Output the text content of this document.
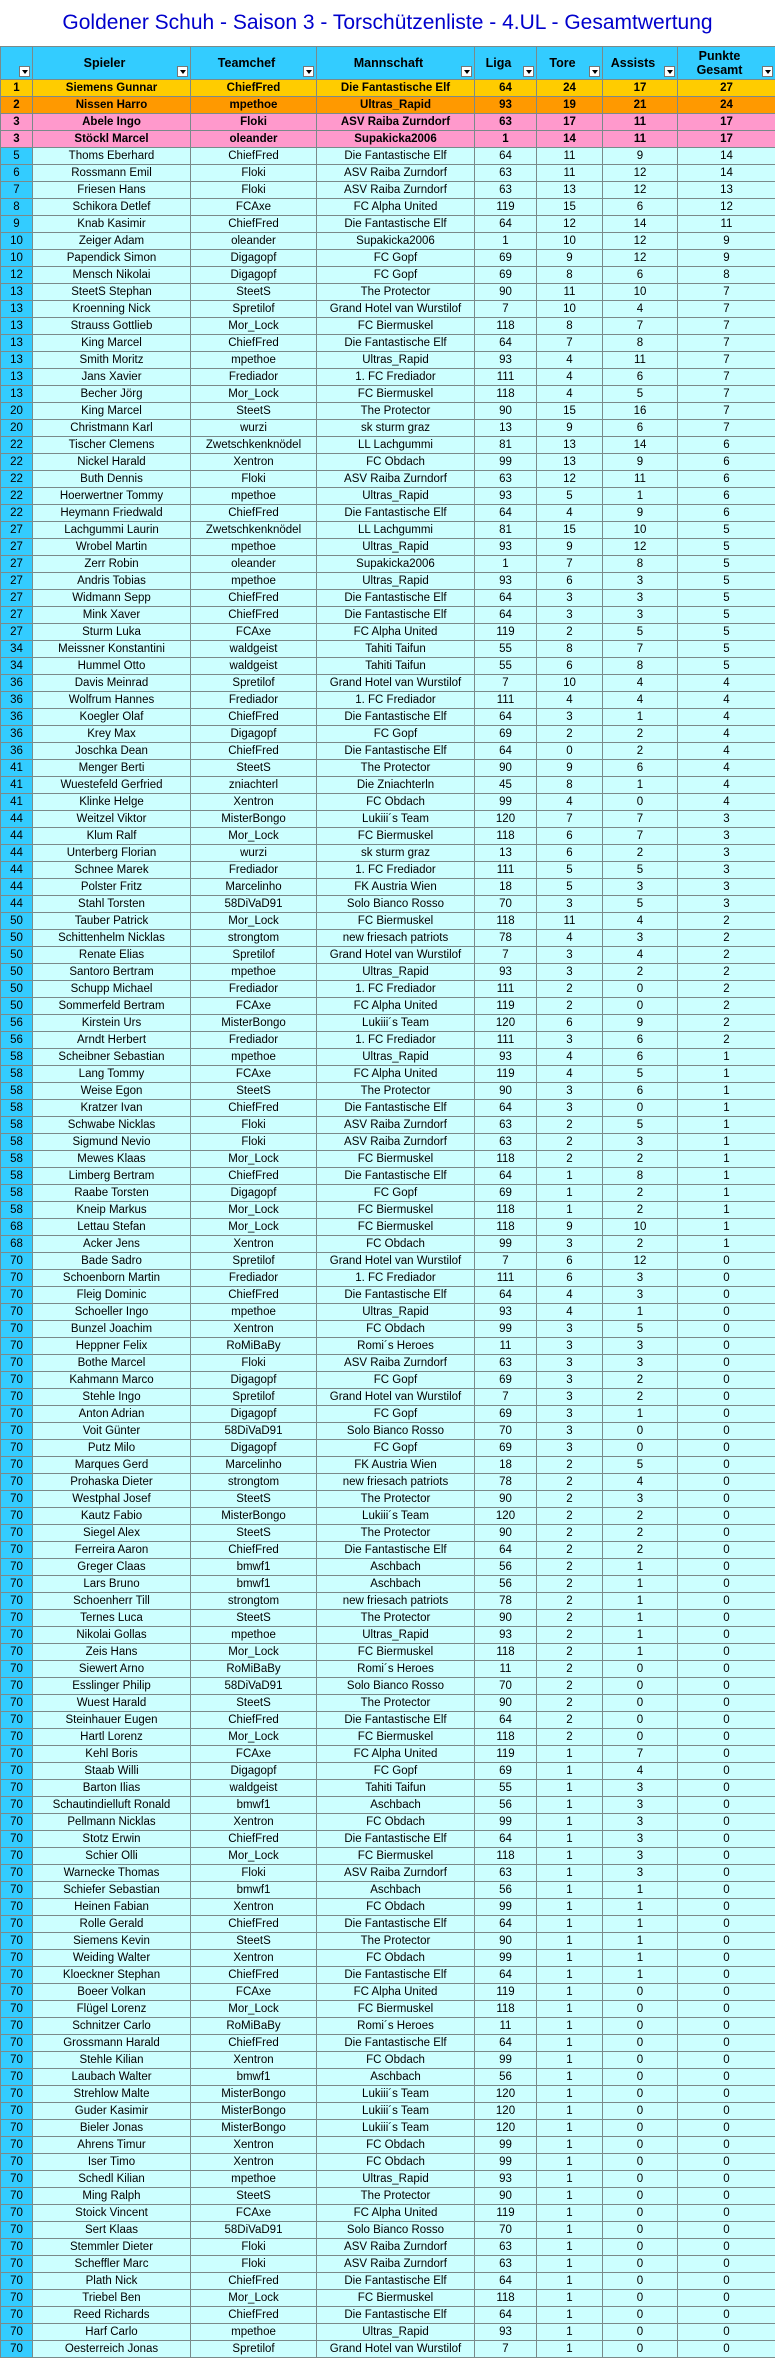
Goldener Schuh - Saison 3 - Torschützenliste - 4.UL - Gesamtwertung
	Spieler	Teamchef	Mannschaft	Liga	Tore	Assists	Punkte Gesamt

1	Siemens Gunnar	ChiefFred	Die Fantastische Elf	64	24	17	27
2	Nissen Harro	mpethoe	Ultras_Rapid	93	19	21	24
3	Abele Ingo	Floki	ASV Raiba Zurndorf	63	17	11	17
3	Stöckl Marcel	oleander	Supakicka2006	1	14	11	17
5	Thoms Eberhard	ChiefFred	Die Fantastische Elf	64	11	9	14
6	Rossmann Emil	Floki	ASV Raiba Zurndorf	63	11	12	14
7	Friesen Hans	Floki	ASV Raiba Zurndorf	63	13	12	13
8	Schikora Detlef	FCAxe	FC Alpha United	119	15	6	12
9	Knab Kasimir	ChiefFred	Die Fantastische Elf	64	12	14	11
10	Zeiger Adam	oleander	Supakicka2006	1	10	12	9
10	Papendick Simon	Digagopf	FC Gopf	69	9	12	9
12	Mensch Nikolai	Digagopf	FC Gopf	69	8	6	8
13	SteetS Stephan	SteetS	The Protector	90	11	10	7
13	Kroenning Nick	Spretilof	Grand Hotel van Wurstilof	7	10	4	7
13	Strauss Gottlieb	Mor_Lock	FC Biermuskel	118	8	7	7
13	King Marcel	ChiefFred	Die Fantastische Elf	64	7	8	7
13	Smith Moritz	mpethoe	Ultras_Rapid	93	4	11	7
13	Jans Xavier	Frediador	1. FC Frediador	111	4	6	7
13	Becher Jörg	Mor_Lock	FC Biermuskel	118	4	5	7
20	King Marcel	SteetS	The Protector	90	15	16	7
20	Christmann Karl	wurzi	sk sturm graz	13	9	6	7
22	Tischer Clemens	Zwetschkenknödel	LL Lachgummi	81	13	14	6
22	Nickel Harald	Xentron	FC Obdach	99	13	9	6
22	Buth Dennis	Floki	ASV Raiba Zurndorf	63	12	11	6
22	Hoerwertner Tommy	mpethoe	Ultras_Rapid	93	5	1	6
22	Heymann Friedwald	ChiefFred	Die Fantastische Elf	64	4	9	6
27	Lachgummi Laurin	Zwetschkenknödel	LL Lachgummi	81	15	10	5
27	Wrobel Martin	mpethoe	Ultras_Rapid	93	9	12	5
27	Zerr Robin	oleander	Supakicka2006	1	7	8	5
27	Andris Tobias	mpethoe	Ultras_Rapid	93	6	3	5
27	Widmann Sepp	ChiefFred	Die Fantastische Elf	64	3	3	5
27	Mink Xaver	ChiefFred	Die Fantastische Elf	64	3	3	5
27	Sturm Luka	FCAxe	FC Alpha United	119	2	5	5
34	Meissner Konstantini	waldgeist	Tahiti Taifun	55	8	7	5
34	Hummel Otto	waldgeist	Tahiti Taifun	55	6	8	5
36	Davis Meinrad	Spretilof	Grand Hotel van Wurstilof	7	10	4	4
36	Wolfrum Hannes	Frediador	1. FC Frediador	111	4	4	4
36	Koegler Olaf	ChiefFred	Die Fantastische Elf	64	3	1	4
36	Krey Max	Digagopf	FC Gopf	69	2	2	4
36	Joschka Dean	ChiefFred	Die Fantastische Elf	64	0	2	4
41	Menger Berti	SteetS	The Protector	90	9	6	4
41	Wuestefeld Gerfried	zniachterl	Die Zniachterln	45	8	1	4
41	Klinke Helge	Xentron	FC Obdach	99	4	0	4
44	Weitzel Viktor	MisterBongo	Lukiii´s Team	120	7	7	3
44	Klum Ralf	Mor_Lock	FC Biermuskel	118	6	7	3
44	Unterberg Florian	wurzi	sk sturm graz	13	6	2	3
44	Schnee Marek	Frediador	1. FC Frediador	111	5	5	3
44	Polster Fritz	Marcelinho	FK Austria Wien	18	5	3	3
44	Stahl Torsten	58DiVaD91	Solo Bianco Rosso	70	3	5	3
50	Tauber Patrick	Mor_Lock	FC Biermuskel	118	11	4	2
50	Schittenhelm Nicklas	strongtom	new friesach patriots	78	4	3	2
50	Renate Elias	Spretilof	Grand Hotel van Wurstilof	7	3	4	2
50	Santoro Bertram	mpethoe	Ultras_Rapid	93	3	2	2
50	Schupp Michael	Frediador	1. FC Frediador	111	2	0	2
50	Sommerfeld Bertram	FCAxe	FC Alpha United	119	2	0	2
56	Kirstein Urs	MisterBongo	Lukiii´s Team	120	6	9	2
56	Arndt Herbert	Frediador	1. FC Frediador	111	3	6	2
58	Scheibner Sebastian	mpethoe	Ultras_Rapid	93	4	6	1
58	Lang Tommy	FCAxe	FC Alpha United	119	4	5	1
58	Weise Egon	SteetS	The Protector	90	3	6	1
58	Kratzer Ivan	ChiefFred	Die Fantastische Elf	64	3	0	1
58	Schwabe Nicklas	Floki	ASV Raiba Zurndorf	63	2	5	1
58	Sigmund Nevio	Floki	ASV Raiba Zurndorf	63	2	3	1
58	Mewes Klaas	Mor_Lock	FC Biermuskel	118	2	2	1
58	Limberg Bertram	ChiefFred	Die Fantastische Elf	64	1	8	1
58	Raabe Torsten	Digagopf	FC Gopf	69	1	2	1
58	Kneip Markus	Mor_Lock	FC Biermuskel	118	1	2	1
68	Lettau Stefan	Mor_Lock	FC Biermuskel	118	9	10	1
68	Acker Jens	Xentron	FC Obdach	99	3	2	1
70	Bade Sadro	Spretilof	Grand Hotel van Wurstilof	7	6	12	0
70	Schoenborn Martin	Frediador	1. FC Frediador	111	6	3	0
70	Fleig Dominic	ChiefFred	Die Fantastische Elf	64	4	3	0
70	Schoeller Ingo	mpethoe	Ultras_Rapid	93	4	1	0
70	Bunzel Joachim	Xentron	FC Obdach	99	3	5	0
70	Heppner Felix	RoMiBaBy	Romi´s Heroes	11	3	3	0
70	Bothe Marcel	Floki	ASV Raiba Zurndorf	63	3	3	0
70	Kahmann Marco	Digagopf	FC Gopf	69	3	2	0
70	Stehle Ingo	Spretilof	Grand Hotel van Wurstilof	7	3	2	0
70	Anton Adrian	Digagopf	FC Gopf	69	3	1	0
70	Voit Günter	58DiVaD91	Solo Bianco Rosso	70	3	0	0
70	Putz Milo	Digagopf	FC Gopf	69	3	0	0
70	Marques Gerd	Marcelinho	FK Austria Wien	18	2	5	0
70	Prohaska Dieter	strongtom	new friesach patriots	78	2	4	0
70	Westphal Josef	SteetS	The Protector	90	2	3	0
70	Kautz Fabio	MisterBongo	Lukiii´s Team	120	2	2	0
70	Siegel Alex	SteetS	The Protector	90	2	2	0
70	Ferreira Aaron	ChiefFred	Die Fantastische Elf	64	2	2	0
70	Greger Claas	bmwf1	Aschbach	56	2	1	0
70	Lars Bruno	bmwf1	Aschbach	56	2	1	0
70	Schoenherr Till	strongtom	new friesach patriots	78	2	1	0
70	Ternes Luca	SteetS	The Protector	90	2	1	0
70	Nikolai Gollas	mpethoe	Ultras_Rapid	93	2	1	0
70	Zeis Hans	Mor_Lock	FC Biermuskel	118	2	1	0
70	Siewert Arno	RoMiBaBy	Romi´s Heroes	11	2	0	0
70	Esslinger Philip	58DiVaD91	Solo Bianco Rosso	70	2	0	0
70	Wuest Harald	SteetS	The Protector	90	2	0	0
70	Steinhauer Eugen	ChiefFred	Die Fantastische Elf	64	2	0	0
70	Hartl Lorenz	Mor_Lock	FC Biermuskel	118	2	0	0
70	Kehl Boris	FCAxe	FC Alpha United	119	1	7	0
70	Staab Willi	Digagopf	FC Gopf	69	1	4	0
70	Barton Ilias	waldgeist	Tahiti Taifun	55	1	3	0
70	Schautindielluft Ronald	bmwf1	Aschbach	56	1	3	0
70	Pellmann Nicklas	Xentron	FC Obdach	99	1	3	0
70	Stotz Erwin	ChiefFred	Die Fantastische Elf	64	1	3	0
70	Schier Olli	Mor_Lock	FC Biermuskel	118	1	3	0
70	Warnecke Thomas	Floki	ASV Raiba Zurndorf	63	1	3	0
70	Schiefer Sebastian	bmwf1	Aschbach	56	1	1	0
70	Heinen Fabian	Xentron	FC Obdach	99	1	1	0
70	Rolle Gerald	ChiefFred	Die Fantastische Elf	64	1	1	0
70	Siemens Kevin	SteetS	The Protector	90	1	1	0
70	Weiding Walter	Xentron	FC Obdach	99	1	1	0
70	Kloeckner Stephan	ChiefFred	Die Fantastische Elf	64	1	1	0
70	Boeer Volkan	FCAxe	FC Alpha United	119	1	0	0
70	Flügel Lorenz	Mor_Lock	FC Biermuskel	118	1	0	0
70	Schnitzer Carlo	RoMiBaBy	Romi´s Heroes	11	1	0	0
70	Grossmann Harald	ChiefFred	Die Fantastische Elf	64	1	0	0
70	Stehle Kilian	Xentron	FC Obdach	99	1	0	0
70	Laubach Walter	bmwf1	Aschbach	56	1	0	0
70	Strehlow Malte	MisterBongo	Lukiii´s Team	120	1	0	0
70	Guder Kasimir	MisterBongo	Lukiii´s Team	120	1	0	0
70	Bieler Jonas	MisterBongo	Lukiii´s Team	120	1	0	0
70	Ahrens Timur	Xentron	FC Obdach	99	1	0	0
70	Iser Timo	Xentron	FC Obdach	99	1	0	0
70	Schedl Kilian	mpethoe	Ultras_Rapid	93	1	0	0
70	Ming Ralph	SteetS	The Protector	90	1	0	0
70	Stoick Vincent	FCAxe	FC Alpha United	119	1	0	0
70	Sert Klaas	58DiVaD91	Solo Bianco Rosso	70	1	0	0
70	Stemmler Dieter	Floki	ASV Raiba Zurndorf	63	1	0	0
70	Scheffler Marc	Floki	ASV Raiba Zurndorf	63	1	0	0
70	Plath Nick	ChiefFred	Die Fantastische Elf	64	1	0	0
70	Triebel Ben	Mor_Lock	FC Biermuskel	118	1	0	0
70	Reed Richards	ChiefFred	Die Fantastische Elf	64	1	0	0
70	Harf Carlo	mpethoe	Ultras_Rapid	93	1	0	0
70	Oesterreich Jonas	Spretilof	Grand Hotel van Wurstilof	7	1	0	0
